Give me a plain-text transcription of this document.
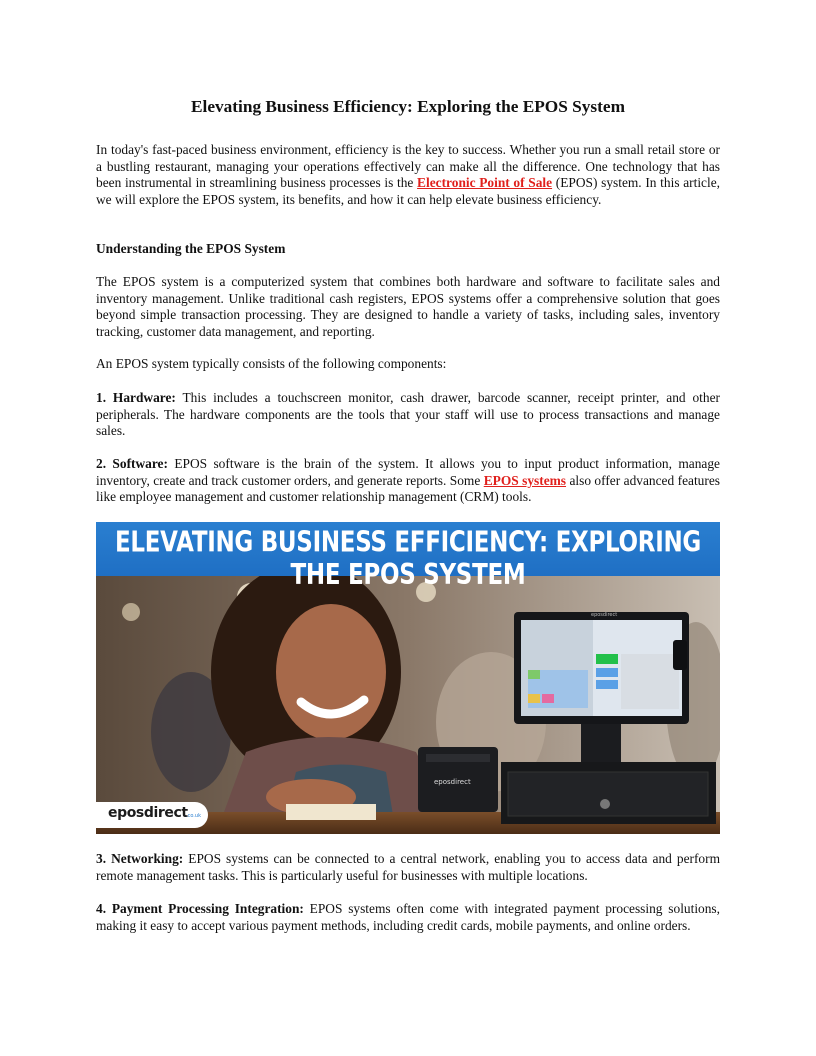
Elevating Business Efficiency: Exploring the EPOS System

In today's fast-paced business environment, efficiency is the key to success. Whether you run a small retail store or a bustling restaurant, managing your operations effectively can make all the difference. One technology that has been instrumental in streamlining business processes is the Electronic Point of Sale (EPOS) system. In this article, we will explore the EPOS system, its benefits, and how it can help elevate business efficiency.

Understanding the EPOS System

The EPOS system is a computerized system that combines both hardware and software to facilitate sales and inventory management. Unlike traditional cash registers, EPOS systems offer a comprehensive solution that goes beyond simple transaction processing. They are designed to handle a variety of tasks, including sales, inventory tracking, customer data management, and reporting.

An EPOS system typically consists of the following components:

1. Hardware: This includes a touchscreen monitor, cash drawer, barcode scanner, receipt printer, and other peripherals. The hardware components are the tools that your staff will use to process transactions and manage sales.

2. Software: EPOS software is the brain of the system. It allows you to input product information, manage inventory, create and track customer orders, and generate reports. Some EPOS systems also offer advanced features like employee management and customer relationship management (CRM) tools.

eposdirect
eposdirect
ELEVATING BUSINESS EFFICIENCY: EXPLORING THE EPOS SYSTEM
eposdirect
.co.uk

3. Networking: EPOS systems can be connected to a central network, enabling you to access data and perform remote management tasks. This is particularly useful for businesses with multiple locations.

4. Payment Processing Integration: EPOS systems often come with integrated payment processing solutions, making it easy to accept various payment methods, including credit cards, mobile payments, and online orders.
